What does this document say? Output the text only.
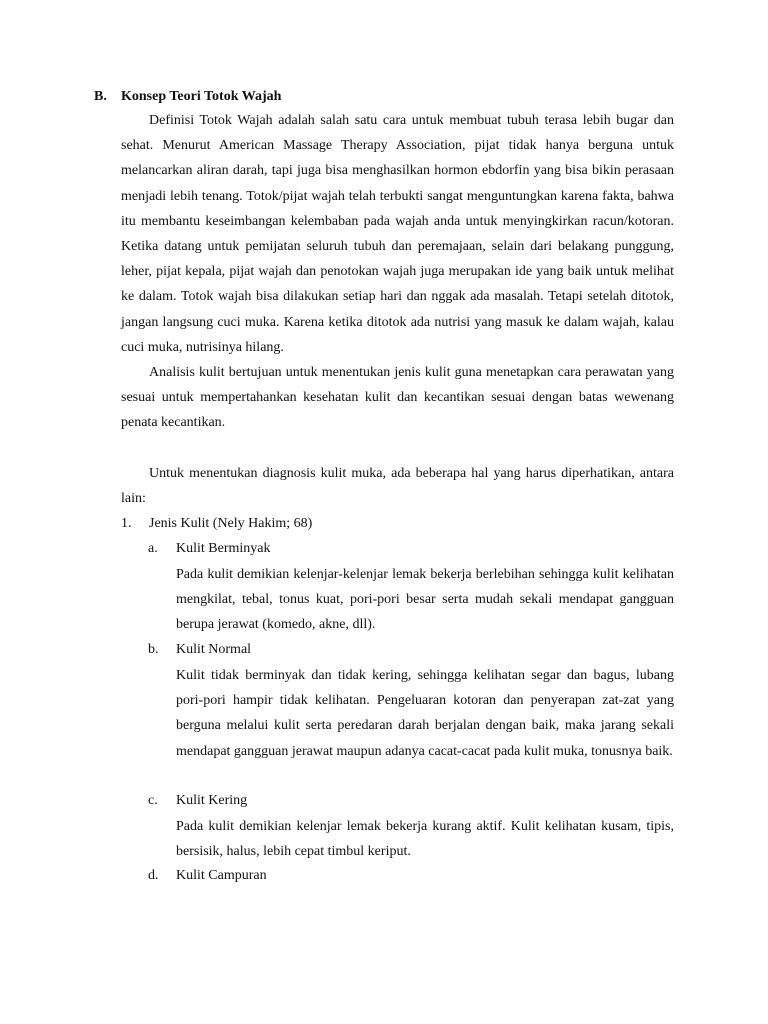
B. Konsep Teori Totok Wajah

Definisi Totok Wajah adalah salah satu cara untuk membuat tubuh terasa lebih bugar dan sehat. Menurut American Massage Therapy Association, pijat tidak hanya berguna untuk melancarkan aliran darah, tapi juga bisa menghasilkan hormon ebdorfin yang bisa bikin perasaan menjadi lebih tenang. Totok/pijat wajah telah terbukti sangat menguntungkan karena fakta, bahwa itu membantu keseimbangan kelembaban pada wajah anda untuk menyingkirkan racun/kotoran. Ketika datang untuk pemijatan seluruh tubuh dan peremajaan, selain dari belakang punggung, leher, pijat kepala, pijat wajah dan penotokan wajah juga merupakan ide yang baik untuk melihat ke dalam. Totok wajah bisa dilakukan setiap hari dan nggak ada masalah. Tetapi setelah ditotok, jangan langsung cuci muka. Karena ketika ditotok ada nutrisi yang masuk ke dalam wajah, kalau cuci muka, nutrisinya hilang.

Analisis kulit bertujuan untuk menentukan jenis kulit guna menetapkan cara perawatan yang sesuai untuk mempertahankan kesehatan kulit dan kecantikan sesuai dengan batas wewenang penata kecantikan.

Untuk menentukan diagnosis kulit muka, ada beberapa hal yang harus diperhatikan, antara lain:

1. Jenis Kulit (Nely Hakim; 68)
a. Kulit Berminyak

Pada kulit demikian kelenjar-kelenjar lemak bekerja berlebihan sehingga kulit kelihatan mengkilat, tebal, tonus kuat, pori-pori besar serta mudah sekali mendapat gangguan berupa jerawat (komedo, akne, dll).

b. Kulit Normal

Kulit tidak berminyak dan tidak kering, sehingga kelihatan segar dan bagus, lubang pori-pori hampir tidak kelihatan. Pengeluaran kotoran dan penyerapan zat-zat yang berguna melalui kulit serta peredaran darah berjalan dengan baik, maka jarang sekali mendapat gangguan jerawat maupun adanya cacat-cacat pada kulit muka, tonusnya baik.

c. Kulit Kering

Pada kulit demikian kelenjar lemak bekerja kurang aktif. Kulit kelihatan kusam, tipis, bersisik, halus, lebih cepat timbul keriput.

d. Kulit Campuran
